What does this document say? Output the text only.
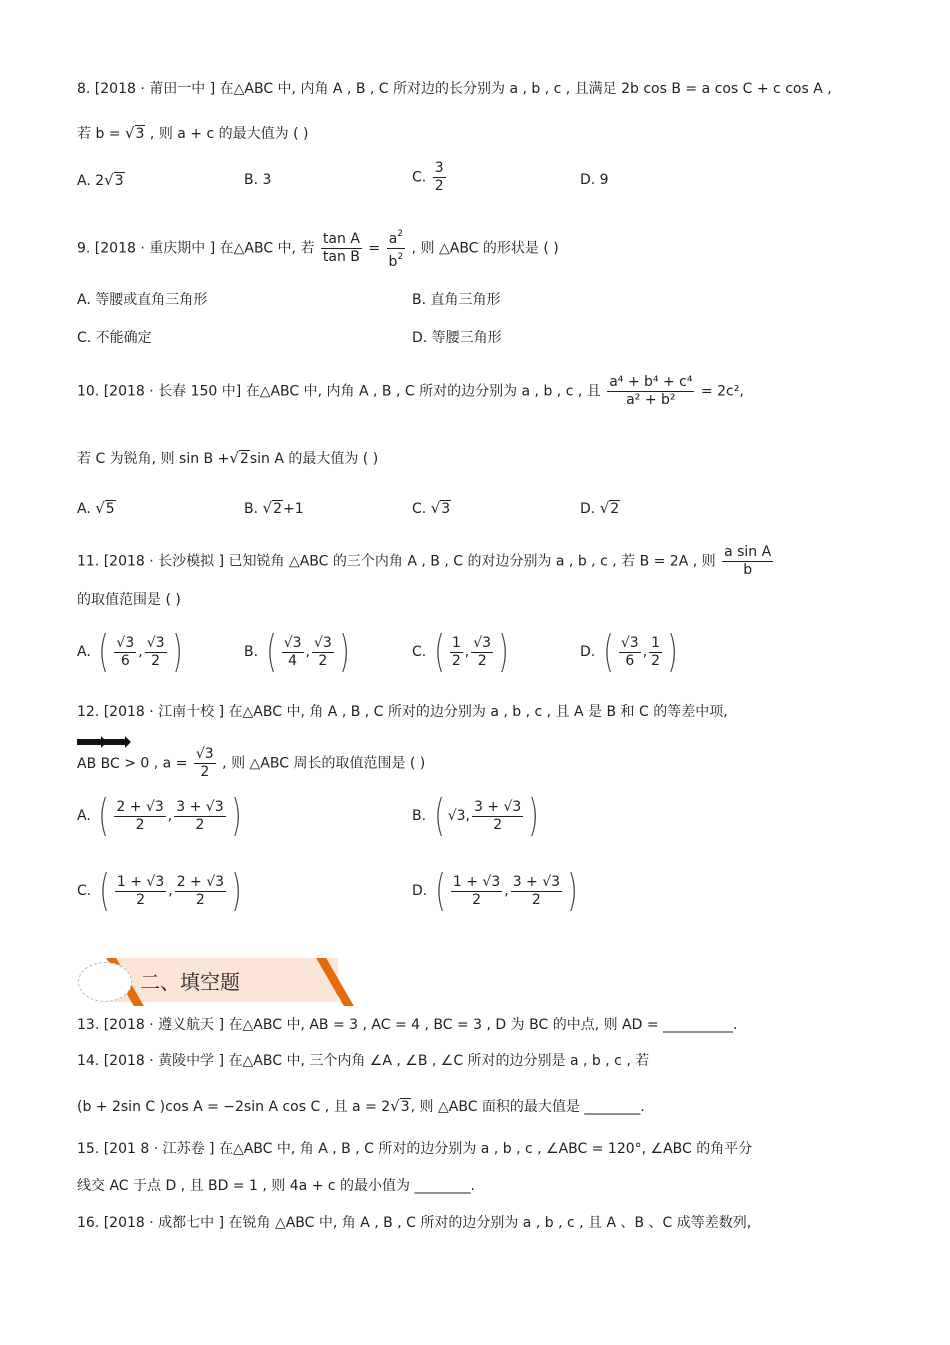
8. [2018 · 莆田一中 ] 在△ABC 中, 内角 A , B , C 所对边的长分别为 a , b , c , 且满足 2b cos B = a cos C + c cos A ,
若 b = √3 , 则 a + c 的最大值为 ( )
A. 2√3	B. 3	C. $\frac{3}{2}$	D. 9
9. [2018 · 重庆期中 ] 在△ABC 中, 若 $\frac{\text{tan A}}{\text{tan B}} = \frac{a^2}{b^2}$ , 则 △ABC 的形状是 ( )
A. 等腰或直角三角形	B. 直角三角形
C. 不能确定	D. 等腰三角形
10. [2018 · 长春 150 中] 在△ABC 中, 内角 A , B , C 所对的边分别为 a , b , c , 且 $\frac{\text{a⁴ + b⁴ + c⁴}}{\text{a² + b²}} = 2c^2$,
若 C 为锐角, 则 sin B +√2sin A 的最大值为 ( )
A. √5	B. √2+1	C. √3	D. √2
11. [2018 · 长沙模拟 ] 已知锐角 △ABC 的三个内角 A , B , C 的对边分别为 a , b , c , 若 B = 2A , 则 $\frac{\text{a sin A}}{b}$
的取值范围是 ( )
A. ( √3
6
,
√3
2 )	B. ( √3
4
,
√3
2 )	C. ( 1
2
,
√3
2 )	D. ( √3
6
,
1
2 )
12. [2018 · 江南十校 ] 在△ABC 中, 角 A , B , C 所对的边分别为 a , b , c , 且 A 是 B 和 C 的等差中项,
AB BC > 0 , $a = \frac{√3}{2}$ , 则 △ABC 周长的取值范围是 ( )
A. ( 2 + √3
2
,
3 + √3
2 )	B. ( √3,
3 + √3
2 )
C. ( 1 + √3
2
,
2 + √3
2 )	D. ( 1 + √3
2
,
3 + √3
2 )
二、填空题
13. [2018 · 遵义航天 ] 在△ABC 中, AB = 3 , AC = 4 , BC = 3 , D 为 BC 的中点, 则 AD = __________.
14. [2018 · 黄陵中学 ] 在△ABC 中, 三个内角 ∠A , ∠B , ∠C 所对的边分别是 a , b , c , 若
(b + 2sin C )cos A = −2sin A cos C , 且 a = 2√3, 则 △ABC 面积的最大值是 ________.
15. [201 8 · 江苏卷 ] 在△ABC 中, 角 A , B , C 所对的边分别为 a , b , c , ∠ABC = 120°, ∠ABC 的角平分
线交 AC 于点 D , 且 BD = 1 , 则 4a + c 的最小值为 ________.
16. [2018 · 成都七中 ] 在锐角 △ABC 中, 角 A , B , C 所对的边分别为 a , b , c , 且 A 、B 、C 成等差数列,
